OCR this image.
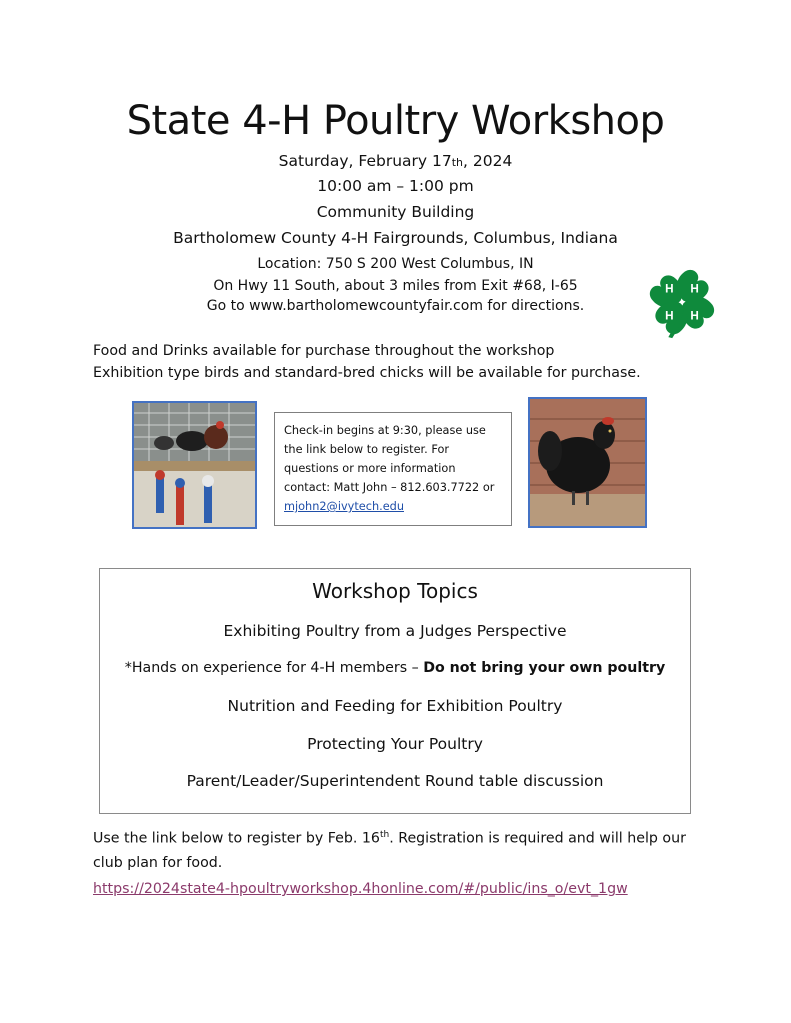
State 4-H Poultry Workshop
Saturday, February 17th, 2024
10:00 am – 1:00 pm
Community Building
Bartholomew County 4-H Fairgrounds, Columbus, Indiana
Location: 750 S 200 West Columbus, IN
On Hwy 11 South, about 3 miles from Exit #68, I-65
Go to www.bartholomewcountyfair.com for directions.
H H
H H
Food and Drinks available for purchase throughout the workshop
Exhibition type birds and standard-bred chicks will be available for purchase.
Check-in begins at 9:30, please use the link below to register. For questions or more information contact: Matt John – 812.603.7722 or mjohn2@ivytech.edu
Workshop Topics
Exhibiting Poultry from a Judges Perspective
*Hands on experience for 4-H members – Do not bring your own poultry
Nutrition and Feeding for Exhibition Poultry
Protecting Your Poultry
Parent/Leader/Superintendent Round table discussion
Use the link below to register by Feb. 16th. Registration is required and will help our club plan for food.
https://2024state4-hpoultryworkshop.4honline.com/#/public/ins_o/evt_1gw
